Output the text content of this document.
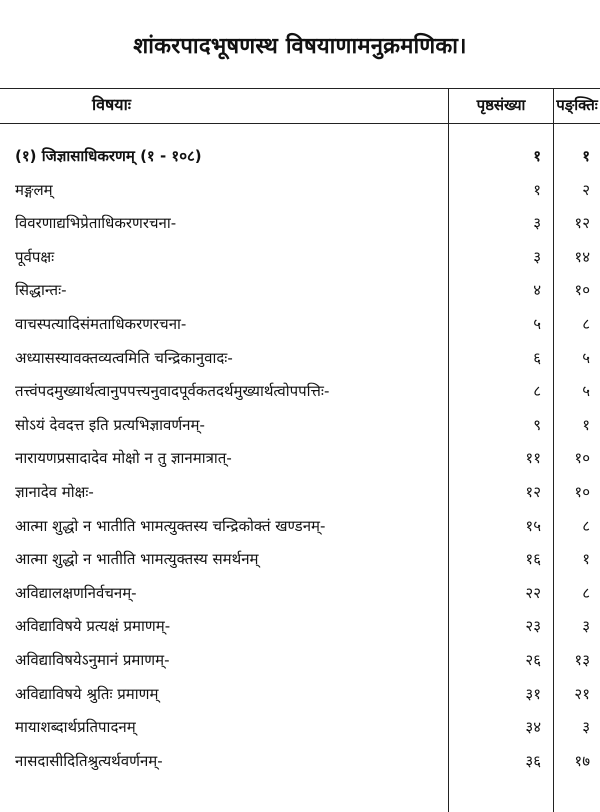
शांकरपादभूषणस्थ विषयाणामनुक्रमणिका।
विषयाः	पृष्ठसंख्या	पङ्क्तिः
(१) जिज्ञासाधिकरणम् (१ - १०८)	१	१
मङ्गलम्	१	२
विवरणाद्यभिप्रेताधिकरणरचना-	३	१२
पूर्वपक्षः	३	१४
सिद्धान्तः-	४	१०
वाचस्पत्यादिसंमताधिकरणरचना-	५	८
अध्यासस्यावक्तव्यत्वमिति चन्द्रिकानुवादः-	६	५
तत्त्वंपदमुख्यार्थत्वानुपपत्त्यनुवादपूर्वकतदर्थमुख्यार्थत्वोपपत्तिः-	८	५
सोऽयं देवदत्त इति प्रत्यभिज्ञावर्णनम्-	९	१
नारायणप्रसादादेव मोक्षो न तु ज्ञानमात्रात्-	११	१०
ज्ञानादेव मोक्षः-	१२	१०
आत्मा शुद्धो न भातीति भामत्युक्तस्य चन्द्रिकोक्तं खण्डनम्-	१५	८
आत्मा शुद्धो न भातीति भामत्युक्तस्य समर्थनम्	१६	१
अविद्यालक्षणनिर्वचनम्-	२२	८
अविद्याविषये प्रत्यक्षं प्रमाणम्-	२३	३
अविद्याविषयेऽनुमानं प्रमाणम्-	२६	१३
अविद्याविषये श्रुतिः प्रमाणम्	३१	२१
मायाशब्दार्थप्रतिपादनम्	३४	३
नासदासीदितिश्रुत्यर्थवर्णनम्-	३६	१७
